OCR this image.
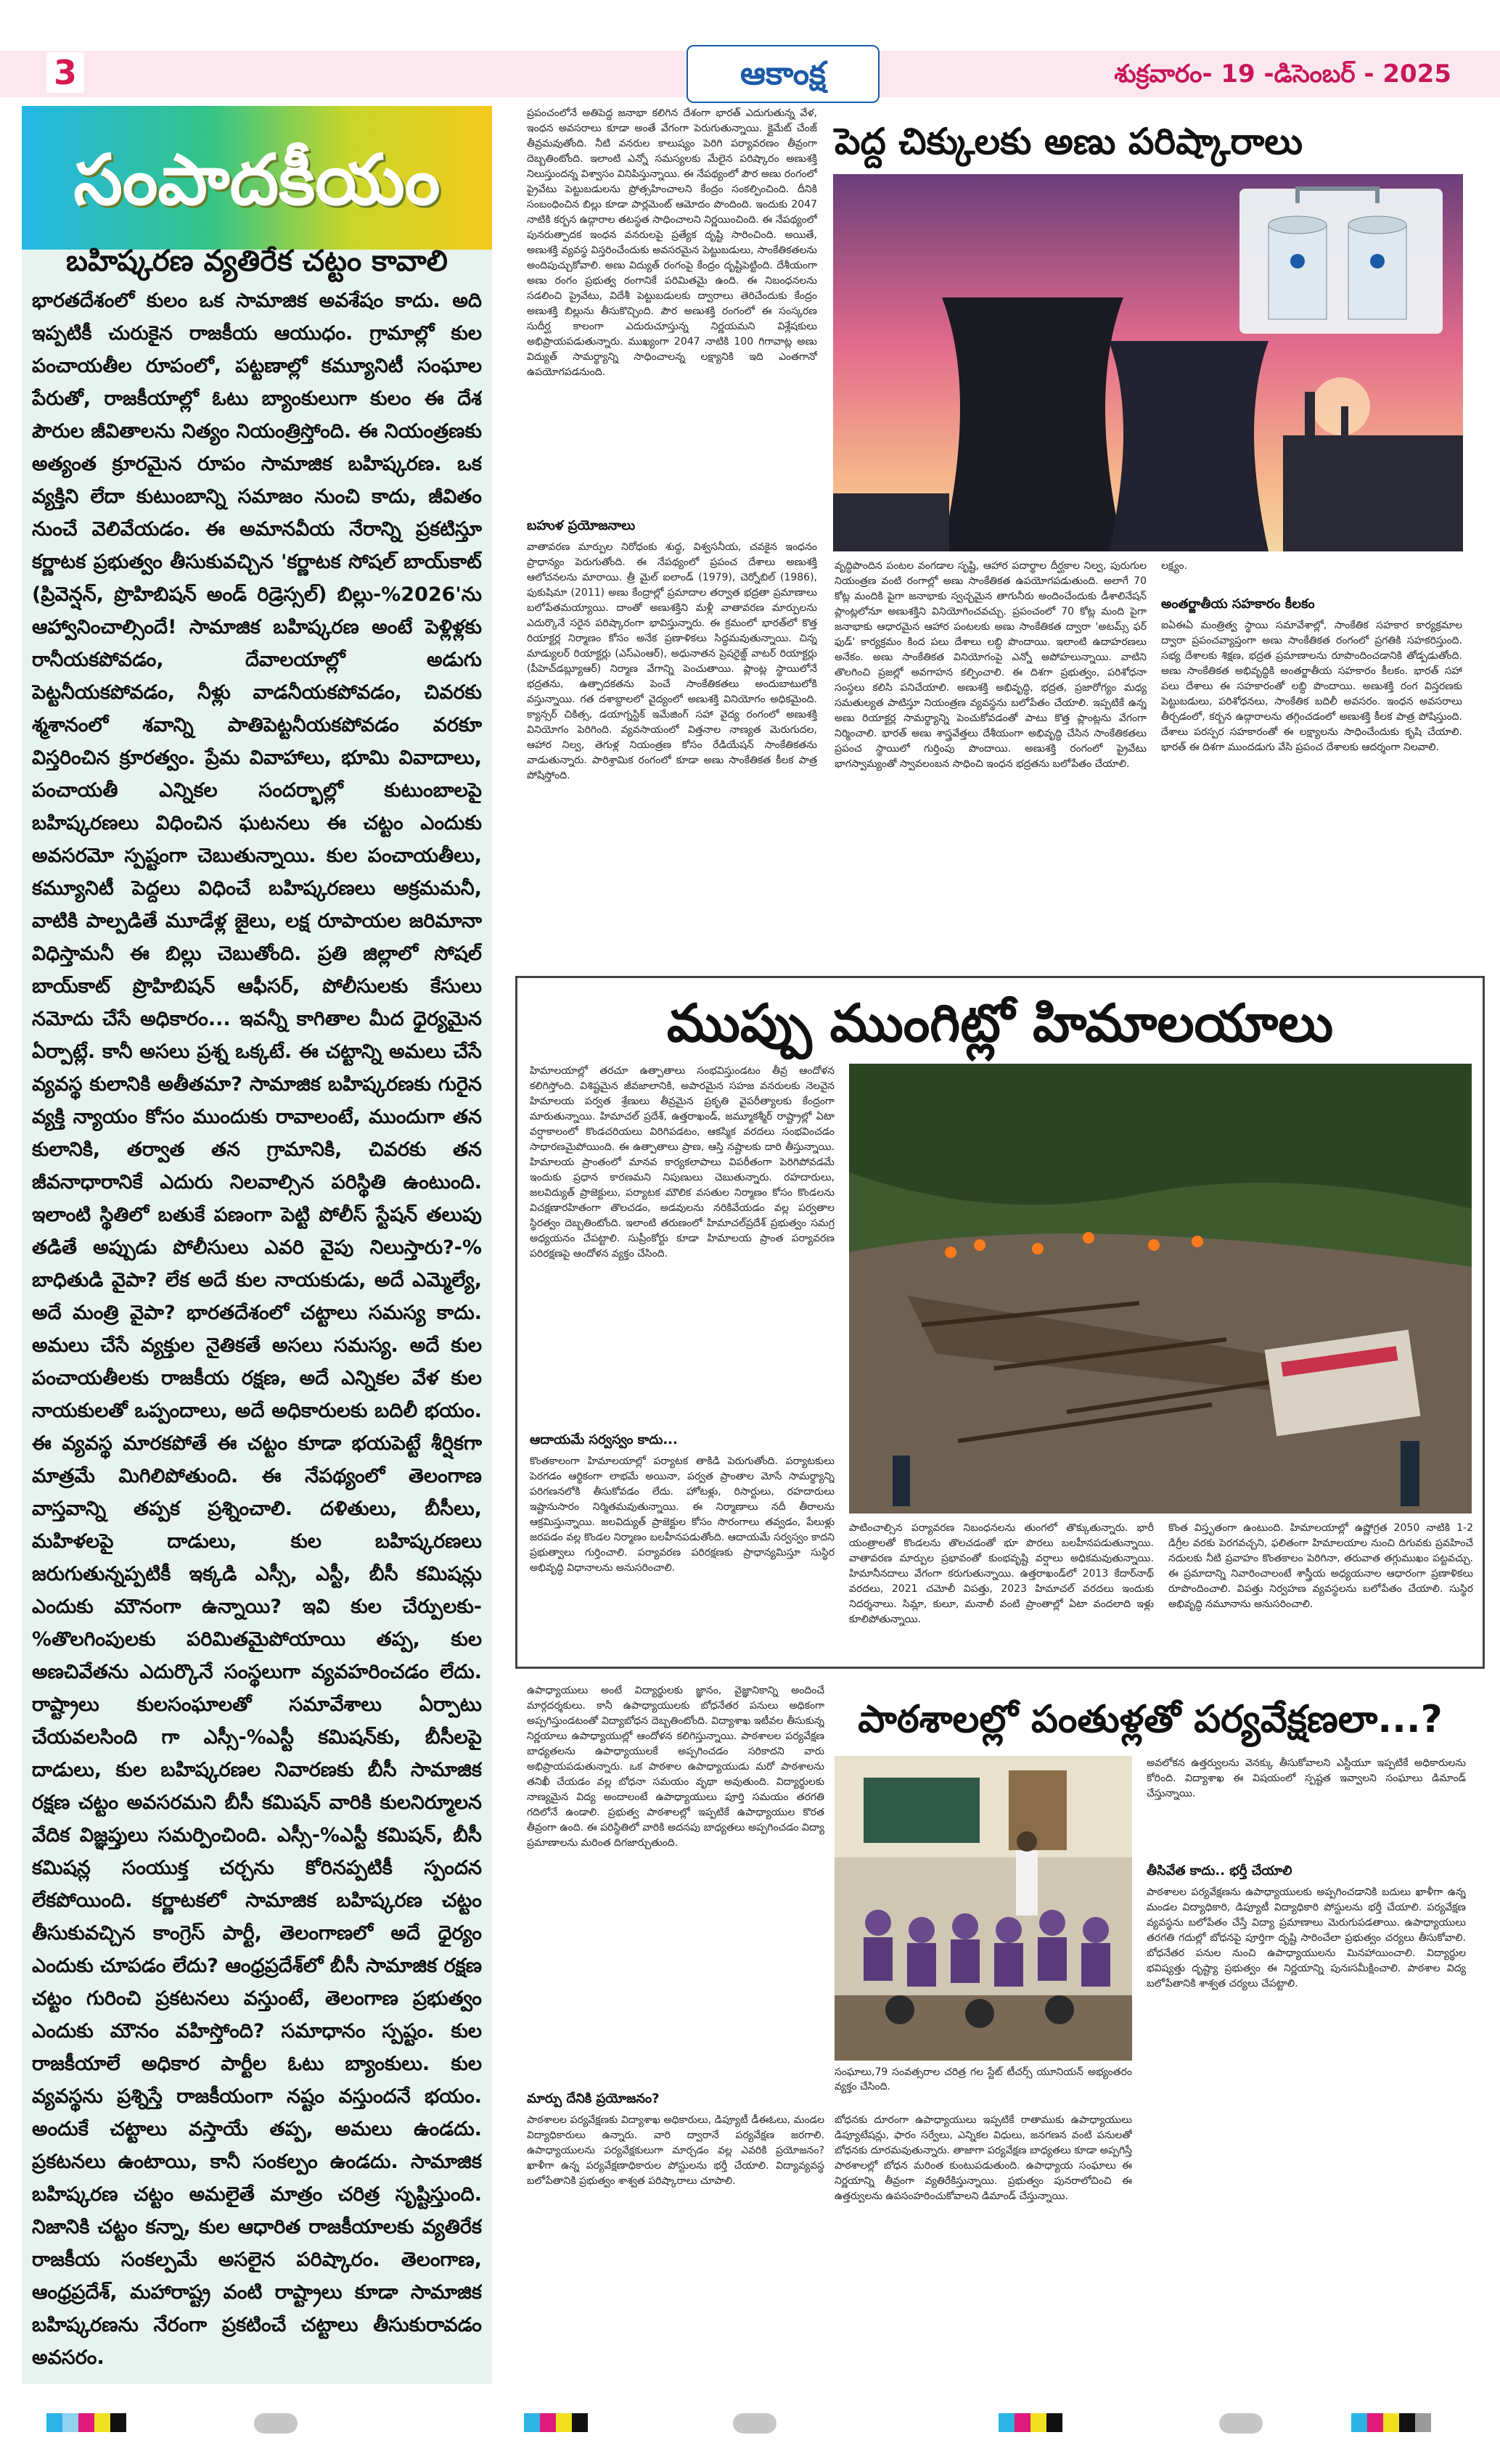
3	ఆకాంక్ష	శుక్రవారం- 19 -డిసెంబర్ - 2025
సంపాదకీయం
బహిష్కరణ వ్యతిరేక చట్టం కావాలి
భారతదేశంలో కులం ఒక సామాజిక అవశేషం కాదు. అది ఇప్పటికీ చురుకైన రాజకీయ ఆయుధం. గ్రామాల్లో కుల పంచాయతీల రూపంలో, పట్టణాల్లో కమ్యూనిటీ సంఘాల పేరుతో, రాజకీయాల్లో ఓటు బ్యాంకులుగా కులం ఈ దేశ పౌరుల జీవితాలను నిత్యం నియంత్రిస్తోంది. ఈ నియంత్రణకు అత్యంత క్రూరమైన రూపం సామాజిక బహిష్కరణ. ఒక వ్యక్తిని లేదా కుటుంబాన్ని సమాజం నుంచి కాదు, జీవితం నుంచే వెలివేయడం. ఈ అమానవీయ నేరాన్ని ప్రకటిస్తూ కర్ణాటక ప్రభుత్వం తీసుకువచ్చిన 'కర్ణాటక సోషల్ బాయ్‌కాట్ (ప్రివెన్షన్, ప్రొహిబిషన్ అండ్ రిడ్రెస్సల్) బిల్లు-%2026'ను ఆహ్వానించాల్సిందే! సామాజిక బహిష్కరణ అంటే పెళ్లిళ్లకు రానీయకపోవడం, దేవాలయాల్లో అడుగు పెట్టనీయకపోవడం, నీళ్లు వాడనీయకపోవడం, చివరకు శ్మశానంలో శవాన్ని పాతిపెట్టనీయకపోవడం వరకూ విస్తరించిన క్రూరత్వం. ప్రేమ వివాహాలు, భూమి వివాదాలు, పంచాయతీ ఎన్నికల సందర్భాల్లో కుటుంబాలపై బహిష్కరణలు విధించిన ఘటనలు ఈ చట్టం ఎందుకు అవసరమో స్పష్టంగా చెబుతున్నాయి. కుల పంచాయతీలు, కమ్యూనిటీ పెద్దలు విధించే బహిష్కరణలు అక్రమమనీ, వాటికి పాల్పడితే మూడేళ్ల జైలు, లక్ష రూపాయల జరిమానా విధిస్తామనీ ఈ బిల్లు చెబుతోంది. ప్రతి జిల్లాలో సోషల్ బాయ్‌కాట్ ప్రొహిబిషన్ ఆఫీసర్, పోలీసులకు కేసులు నమోదు చేసే అధికారం... ఇవన్నీ కాగితాల మీద ధైర్యమైన ఏర్పాట్లే. కానీ అసలు ప్రశ్న ఒక్కటే. ఈ చట్టాన్ని అమలు చేసే వ్యవస్థ కులానికి అతీతమా? సామాజిక బహిష్కరణకు గురైన వ్యక్తి న్యాయం కోసం ముందుకు రావాలంటే, ముందుగా తన కులానికి, తర్వాత తన గ్రామానికి, చివరకు తన జీవనాధారానికే ఎదురు నిలవాల్సిన పరిస్థితి ఉంటుంది. ఇలాంటి స్థితిలో బతుకే పణంగా పెట్టి పోలీస్ స్టేషన్ తలుపు తడితే అప్పుడు పోలీసులు ఎవరి వైపు నిలుస్తారు?-% బాధితుడి వైపా? లేక అదే కుల నాయకుడు, అదే ఎమ్మెల్యే, అదే మంత్రి వైపా? భారతదేశంలో చట్టాలు సమస్య కాదు. అమలు చేసే వ్యక్తుల నైతికతే అసలు సమస్య. అదే కుల పంచాయతీలకు రాజకీయ రక్షణ, అదే ఎన్నికల వేళ కుల నాయకులతో ఒప్పందాలు, అదే అధికారులకు బదిలీ భయం. ఈ వ్యవస్థ మారకపోతే ఈ చట్టం కూడా భయపెట్టే శీర్షికగా మాత్రమే మిగిలిపోతుంది. ఈ నేపథ్యంలో తెలంగాణ వాస్తవాన్ని తప్పక ప్రశ్నించాలి. దళితులు, బీసీలు, మహిళలపై దాడులు, కుల బహిష్కరణలు జరుగుతున్నప్పటికీ ఇక్కడి ఎస్సీ, ఎస్టీ, బీసీ కమిషన్లు ఎందుకు మౌనంగా ఉన్నాయి? ఇవి కుల చేర్పులకు-%తొలగింపులకు పరిమితమైపోయాయి తప్ప, కుల అణచివేతను ఎదుర్కొనే సంస్థలుగా వ్యవహరించడం లేదు. రాష్ట్రాలు కులసంఘాలతో సమావేశాలు ఏర్పాటు చేయవలసింది గా ఎస్సీ-%ఎస్టీ కమిషన్‌కు, బీసీలపై దాడులు, కుల బహిష్కరణల నివారణకు బీసీ సామాజిక రక్షణ చట్టం అవసరమని బీసీ కమిషన్ వారికి కులనిర్మూలన వేదిక విజ్ఞప్తులు సమర్పించింది. ఎస్సీ-%ఎస్టీ కమిషన్, బీసీ కమిషన్ల సంయుక్త చర్చను కోరినప్పటికీ స్పందన లేకపోయింది. కర్ణాటకలో సామాజిక బహిష్కరణ చట్టం తీసుకువచ్చిన కాంగ్రెస్ పార్టీ, తెలంగాణలో అదే ధైర్యం ఎందుకు చూపడం లేదు? ఆంధ్రప్రదేశ్‌లో బీసీ సామాజిక రక్షణ చట్టం గురించి ప్రకటనలు వస్తుంటే, తెలంగాణ ప్రభుత్వం ఎందుకు మౌనం వహిస్తోంది? సమాధానం స్పష్టం. కుల రాజకీయాలే అధికార పార్టీల ఓటు బ్యాంకులు. కుల వ్యవస్థను ప్రశ్నిస్తే రాజకీయంగా నష్టం వస్తుందనే భయం. అందుకే చట్టాలు వస్తాయే తప్ప, అమలు ఉండదు. ప్రకటనలు ఉంటాయి, కానీ సంకల్పం ఉండదు. సామాజిక బహిష్కరణ చట్టం అమలైతే మాత్రం చరిత్ర సృష్టిస్తుంది. నిజానికి చట్టం కన్నా, కుల ఆధారిత రాజకీయాలకు వ్యతిరేక రాజకీయ సంకల్పమే అసలైన పరిష్కారం. తెలంగాణ, ఆంధ్రప్రదేశ్, మహారాష్ట్ర వంటి రాష్ట్రాలు కూడా సామాజిక బహిష్కరణను నేరంగా ప్రకటించే చట్టాలు తీసుకురావడం అవసరం.
ప్రపంచంలోనే అతిపెద్ద జనాభా కలిగిన దేశంగా భారత్ ఎదుగుతున్న వేళ, ఇంధన అవసరాలు కూడా అంతే వేగంగా పెరుగుతున్నాయి. క్లైమేట్ చేంజ్ తీవ్రమవుతోంది. నీటి వనరుల కాలుష్యం పెరిగి పర్యావరణం తీవ్రంగా దెబ్బతింటోంది. ఇలాంటి ఎన్నో సమస్యలకు మేలైన పరిష్కారం అణుశక్తి నిలుస్తుందన్న విశ్వాసం వినిపిస్తున్నాయి. ఈ నేపథ్యంలో పౌర అణు రంగంలో ప్రైవేటు పెట్టుబడులను ప్రోత్సహించాలని కేంద్రం సంకల్పించింది. దీనికి సంబంధించిన బిల్లు కూడా పార్లమెంట్ ఆమోదం పొందింది. ఇందుకు 2047 నాటికి కర్బన ఉద్గారాల తటస్థత సాధించాలని నిర్ణయించింది. ఈ నేపథ్యంలో పునరుత్పాదక ఇంధన వనరులపై ప్రత్యేక దృష్టి సారించింది. అయితే, అణుశక్తి వ్యవస్థ విస్తరించేందుకు అవసరమైన పెట్టుబడులు, సాంకేతికతలను అందిపుచ్చుకోవాలి. అణు విద్యుత్ రంగంపై కేంద్రం దృష్టిపెట్టింది. దేశీయంగా అణు రంగం ప్రభుత్వ రంగానికే పరిమితమై ఉంది. ఈ నిబంధనలను సడలించి ప్రైవేటు, విదేశీ పెట్టుబడులకు ద్వారాలు తెరిచేందుకు కేంద్రం అణుశక్తి బిల్లును తీసుకొచ్చింది. పౌర అణుశక్తి రంగంలో ఈ సంస్కరణ సుదీర్ఘ కాలంగా ఎదురుచూస్తున్న నిర్ణయమని విశ్లేషకులు అభిప్రాయపడుతున్నారు. ముఖ్యంగా 2047 నాటికి 100 గిగావాట్ల అణు విద్యుత్ సామర్థ్యాన్ని సాధించాలన్న లక్ష్యానికి ఇది ఎంతగానో ఉపయోగపడనుంది.
బహుళ ప్రయోజనాలు
వాతావరణ మార్పుల నిరోధంకు శుద్ధ, విశ్వసనీయ, చవకైన ఇంధనం ప్రాధాన్యం పెరుగుతోంది. ఈ నేపథ్యంలో ప్రపంచ దేశాలు అణుశక్తి ఆలోచనలను మారాయి. త్రీ మైల్ ఐలాండ్ (1979), చెర్నోబిల్ (1986), ఫుకుషిమా (2011) అణు కేంద్రాల్లో ప్రమాదాల తర్వాత భద్రతా ప్రమాణాలు బలోపేతమయ్యాయి. దాంతో అణుశక్తిని మళ్లీ వాతావరణ మార్పులను ఎదుర్కొనే సరైన పరిష్కారంగా భావిస్తున్నారు. ఈ క్రమంలో భారత్‌లో కొత్త రియాక్టర్ల నిర్మాణం కోసం అనేక ప్రణాళికలు సిద్ధమవుతున్నాయి. చిన్న మాడ్యులర్ రియాక్టర్లు (ఎస్ఎంఆర్), అధునాతన ప్రెషరైజ్డ్ వాటర్ రియాక్టర్లు (పీహెచ్‌డబ్ల్యూఆర్) నిర్మాణ వేగాన్ని పెంచుతాయి. ప్లాంట్ల స్థాయిలోనే భద్రతను, ఉత్పాదకతను పెంచే సాంకేతికతలు అందుబాటులోకి వస్తున్నాయి. గత దశాబ్దాలలో వైద్యంలో అణుశక్తి వినియోగం అధికమైంది. క్యాన్సర్ చికిత్స, డయాగ్నస్టిక్ ఇమేజింగ్ సహా వైద్య రంగంలో అణుశక్తి వినియోగం పెరిగింది. వ్యవసాయంలో విత్తనాల నాణ్యత మెరుగుదల, ఆహార నిల్వ, తెగుళ్ల నియంత్రణ కోసం రేడియేషన్ సాంకేతికతను వాడుతున్నారు. పారిశ్రామిక రంగంలో కూడా అణు సాంకేతికత కీలక పాత్ర పోషిస్తోంది.
పెద్ద చిక్కులకు అణు పరిష్కారాలు
వృద్ధిపొందిన పంటల వంగడాల సృష్టి, ఆహార పదార్థాల దీర్ఘకాల నిల్వ, పురుగుల నియంత్రణ వంటి రంగాల్లో అణు సాంకేతికత ఉపయోగపడుతుంది. అలాగే 70 కోట్ల మందికి పైగా జనాభాకు స్వచ్ఛమైన తాగునీరు అందించేందుకు డీశాలినేషన్ ప్లాంట్లలోనూ అణుశక్తిని వినియోగించవచ్చు. ప్రపంచంలో 70 కోట్ల మంది పైగా జనాభాకు ఆధారమైన ఆహార పంటలకు అణు సాంకేతికత ద్వారా 'అటమ్స్ ఫర్ ఫుడ్' కార్యక్రమం కింద పలు దేశాలు లబ్ధి పొందాయి. ఇలాంటి ఉదాహరణలు అనేకం. అణు సాంకేతికత వినియోగంపై ఎన్నో అపోహలున్నాయి. వాటిని తొలగించి ప్రజల్లో అవగాహన కల్పించాలి. ఈ దిశగా ప్రభుత్వం, పరిశోధనా సంస్థలు కలిసి పనిచేయాలి. అణుశక్తి అభివృద్ధి, భద్రత, ప్రజారోగ్యం మధ్య సమతుల్యత పాటిస్తూ నియంత్రణ వ్యవస్థను బలోపేతం చేయాలి. ఇప్పటికే ఉన్న అణు రియాక్టర్ల సామర్థ్యాన్ని పెంచుకోవడంతో పాటు కొత్త ప్లాంట్లను వేగంగా నిర్మించాలి. భారత్ అణు శాస్త్రవేత్తలు దేశీయంగా అభివృద్ధి చేసిన సాంకేతికతలు ప్రపంచ స్థాయిలో గుర్తింపు పొందాయి. అణుశక్తి రంగంలో ప్రైవేటు భాగస్వామ్యంతో స్వావలంబన సాధించి ఇంధన భద్రతను బలోపేతం చేయాలి.
లక్ష్యం.
అంతర్జాతీయ సహకారం కీలకం
ఐఏఈఏ మంత్రిత్వ స్థాయి సమావేశాల్లో, సాంకేతిక సహకార కార్యక్రమాల ద్వారా ప్రపంచవ్యాప్తంగా అణు సాంకేతికత రంగంలో ప్రగతికి సహకరిస్తుంది. సభ్య దేశాలకు శిక్షణ, భద్రత ప్రమాణాలను రూపొందించడానికి తోడ్పడుతోంది. అణు సాంకేతికత అభివృద్ధికి అంతర్జాతీయ సహకారం కీలకం. భారత్ సహా పలు దేశాలు ఈ సహకారంతో లబ్ధి పొందాయి. అణుశక్తి రంగ విస్తరణకు పెట్టుబడులు, పరిశోధనలు, సాంకేతిక బదిలీ అవసరం. ఇంధన అవసరాలు తీర్చడంలో, కర్బన ఉద్గారాలను తగ్గించడంలో అణుశక్తి కీలక పాత్ర పోషిస్తుంది. దేశాలు పరస్పర సహకారంతో ఈ లక్ష్యాలను సాధించేందుకు కృషి చేయాలి. భారత్ ఈ దిశగా ముందడుగు వేసి ప్రపంచ దేశాలకు ఆదర్శంగా నిలవాలి.
ముప్పు ముంగిట్లో హిమాలయాలు
హిమాలయాల్లో తరచూ ఉత్పాతాలు సంభవిస్తుండటం తీవ్ర ఆందోళన కలిగిస్తోంది. విశిష్టమైన జీవజాలానికి, అపారమైన సహజ వనరులకు నెలవైన హిమాలయ పర్వత శ్రేణులు తీవ్రమైన ప్రకృతి వైపరీత్యాలకు కేంద్రంగా మారుతున్నాయి. హిమాచల్ ప్రదేశ్, ఉత్తరాఖండ్, జమ్మూకశ్మీర్ రాష్ట్రాల్లో ఏటా వర్షాకాలంలో కొండచరియలు విరిగిపడటం, ఆకస్మిక వరదలు సంభవించడం సాధారణమైపోయింది. ఈ ఉత్పాతాలు ప్రాణ, ఆస్తి నష్టాలకు దారి తీస్తున్నాయి. హిమాలయ ప్రాంతంలో మానవ కార్యకలాపాలు విపరీతంగా పెరిగిపోవడమే ఇందుకు ప్రధాన కారణమని నిపుణులు చెబుతున్నారు. రహదారులు, జలవిద్యుత్ ప్రాజెక్టులు, పర్యాటక మౌలిక వసతుల నిర్మాణం కోసం కొండలను విచక్షణారహితంగా తొలచడం, అడవులను నరికివేయడం వల్ల పర్వతాల స్థిరత్వం దెబ్బతింటోంది. ఇలాంటి తరుణంలో హిమాచల్‌ప్రదేశ్ ప్రభుత్వం సమగ్ర అధ్యయనం చేపట్టాలి. సుప్రీంకోర్టు కూడా హిమాలయ ప్రాంత పర్యావరణ పరిరక్షణపై ఆందోళన వ్యక్తం చేసింది.
ఆదాయమే సర్వస్వం కాదు...
కొంతకాలంగా హిమాలయాల్లో పర్యాటక తాకిడి పెరుగుతోంది. పర్యాటకులు పెరగడం ఆర్థికంగా లాభమే అయినా, పర్వత ప్రాంతాల మోసే సామర్థ్యాన్ని పరిగణనలోకి తీసుకోవడం లేదు. హోటళ్లు, రిసార్టులు, రహదారులు ఇష్టానుసారం నిర్మితమవుతున్నాయి. ఈ నిర్మాణాలు నదీ తీరాలను ఆక్రమిస్తున్నాయి. జలవిద్యుత్ ప్రాజెక్టుల కోసం సొరంగాలు తవ్వడం, పేలుళ్లు జరపడం వల్ల కొండల నిర్మాణం బలహీనపడుతోంది. ఆదాయమే సర్వస్వం కాదని ప్రభుత్వాలు గుర్తించాలి. పర్యావరణ పరిరక్షణకు ప్రాధాన్యమిస్తూ సుస్థిర అభివృద్ధి విధానాలను అనుసరించాలి.
పాటించాల్సిన పర్యావరణ నిబంధనలను తుంగలో తొక్కుతున్నారు. భారీ యంత్రాలతో కొండలను తొలచడంతో భూ పొరలు బలహీనపడుతున్నాయి. వాతావరణ మార్పుల ప్రభావంతో కుంభవృష్టి వర్షాలు అధికమవుతున్నాయి. హిమానీనదాలు వేగంగా కరుగుతున్నాయి. ఉత్తరాఖండ్‌లో 2013 కేదార్‌నాథ్ వరదలు, 2021 చమోలీ విపత్తు, 2023 హిమాచల్ వరదలు ఇందుకు నిదర్శనాలు. సిమ్లా, కులూ, మనాలీ వంటి ప్రాంతాల్లో ఏటా వందలాది ఇళ్లు కూలిపోతున్నాయి.
కొంత విస్తృతంగా ఉంటుంది. హిమాలయాల్లో ఉష్ణోగ్రత 2050 నాటికి 1-2 డిగ్రీల వరకు పెరగవచ్చని, ఫలితంగా హిమాలయాల నుంచి దిగువకు ప్రవహించే నదులకు నీటి ప్రవాహం కొంతకాలం పెరిగినా, తరువాత తగ్గుముఖం పట్టవచ్చు. ఈ ప్రమాదాన్ని నివారించాలంటే శాస్త్రీయ అధ్యయనాల ఆధారంగా ప్రణాళికలు రూపొందించాలి. విపత్తు నిర్వహణ వ్యవస్థలను బలోపేతం చేయాలి. సుస్థిర అభివృద్ధి నమూనాను అనుసరించాలి.
ఉపాధ్యాయులు అంటే విద్యార్థులకు జ్ఞానం, వైజ్ఞానికాన్ని అందించే మార్గదర్శకులు. కానీ ఉపాధ్యాయులకు బోధనేతర పనులు అధికంగా అప్పగిస్తుండటంతో విద్యాబోధన దెబ్బతింటోంది. విద్యాశాఖ ఇటీవల తీసుకున్న నిర్ణయాలు ఉపాధ్యాయుల్లో ఆందోళన కలిగిస్తున్నాయి. పాఠశాలల పర్యవేక్షణ బాధ్యతలను ఉపాధ్యాయులకే అప్పగించడం సరికాదని వారు అభిప్రాయపడుతున్నారు. ఒక పాఠశాల ఉపాధ్యాయుడు మరో పాఠశాలను తనిఖీ చేయడం వల్ల బోధనా సమయం వృథా అవుతుంది. విద్యార్థులకు నాణ్యమైన విద్య అందాలంటే ఉపాధ్యాయులు పూర్తి సమయం తరగతి గదిలోనే ఉండాలి. ప్రభుత్వ పాఠశాలల్లో ఇప్పటికే ఉపాధ్యాయుల కొరత తీవ్రంగా ఉంది. ఈ పరిస్థితిలో వారికి అదనపు బాధ్యతలు అప్పగించడం విద్యా ప్రమాణాలను మరింత దిగజార్చుతుంది.
మార్పు దేనికి ప్రయోజనం?
పాఠశాలల పర్యవేక్షణకు విద్యాశాఖ అధికారులు, డిప్యూటీ డీఈఓలు, మండల విద్యాధికారులు ఉన్నారు. వారి ద్వారానే పర్యవేక్షణ జరగాలి. ఉపాధ్యాయులను పర్యవేక్షకులుగా మార్చడం వల్ల ఎవరికి ప్రయోజనం? ఖాళీగా ఉన్న పర్యవేక్షణాధికారుల పోస్టులను భర్తీ చేయాలి. విద్యావ్యవస్థ బలోపేతానికి ప్రభుత్వం శాశ్వత పరిష్కారాలు చూపాలి.
పాఠశాలల్లో పంతుళ్లతో పర్యవేక్షణలా...?
సంఘాలు,79 సంవత్సరాల చరిత్ర గల స్టేట్ టీచర్స్ యూనియన్ అభ్యంతరం వ్యక్తం చేసింది.
బోధనకు దూరంగా ఉపాధ్యాయులు ఇప్పటికే రాతాముకు ఉపాధ్యాయులు డిప్యూటేషన్లు, ఫారం సర్వేలు, ఎన్నికల విధులు, జనగణన వంటి పనులతో బోధనకు దూరమవుతున్నారు. తాజాగా పర్యవేక్షణ బాధ్యతలు కూడా అప్పగిస్తే పాఠశాలల్లో బోధన మరింత కుంటుపడుతుంది. ఉపాధ్యాయ సంఘాలు ఈ నిర్ణయాన్ని తీవ్రంగా వ్యతిరేకిస్తున్నాయి. ప్రభుత్వం పునరాలోచించి ఈ ఉత్తర్వులను ఉపసంహరించుకోవాలని డిమాండ్ చేస్తున్నాయి.
అవలోకన ఉత్తర్వులను వెనక్కు తీసుకోవాలని ఎస్టీయూ ఇప్పటికే అధికారులను కోరింది. విద్యాశాఖ ఈ విషయంలో స్పష్టత ఇవ్వాలని సంఘాలు డిమాండ్ చేస్తున్నాయి.
తీసివేత కాదు.. భర్తీ చేయాలి
పాఠశాలల పర్యవేక్షణను ఉపాధ్యాయులకు అప్పగించడానికి బదులు ఖాళీగా ఉన్న మండల విద్యాధికారి, డిప్యూటీ విద్యాధికారి పోస్టులను భర్తీ చేయాలి. పర్యవేక్షణ వ్యవస్థను బలోపేతం చేస్తే విద్యా ప్రమాణాలు మెరుగుపడతాయి. ఉపాధ్యాయులు తరగతి గదుల్లో బోధనపై పూర్తిగా దృష్టి సారించేలా ప్రభుత్వం చర్యలు తీసుకోవాలి. బోధనేతర పనుల నుంచి ఉపాధ్యాయులను మినహాయించాలి. విద్యార్థుల భవిష్యత్తు దృష్ట్యా ప్రభుత్వం ఈ నిర్ణయాన్ని పునఃసమీక్షించాలి. పాఠశాల విద్య బలోపేతానికి శాశ్వత చర్యలు చేపట్టాలి.
